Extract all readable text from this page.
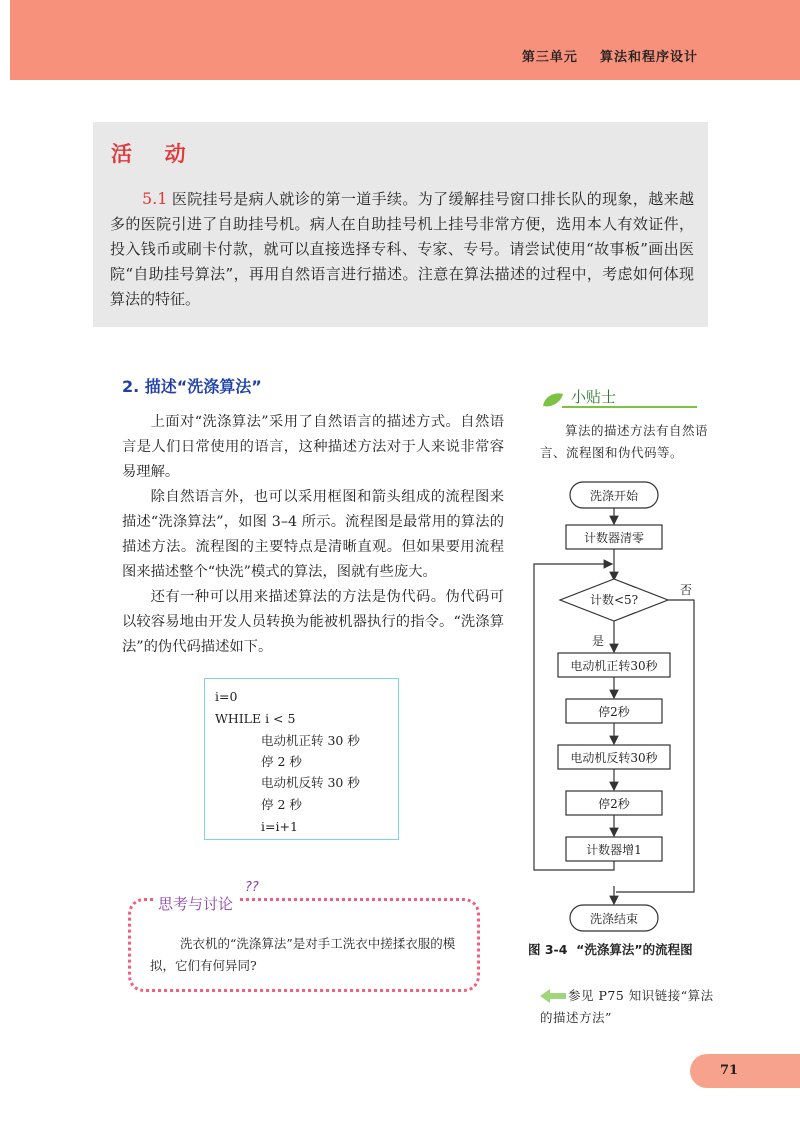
第三单元    算法和程序设计
活  动
5.1 医院挂号是病人就诊的第一道手续。为了缓解挂号窗口排长队的现象，越来越多的医院引进了自助挂号机。病人在自助挂号机上挂号非常方便，选用本人有效证件，投入钱币或刷卡付款，就可以直接选择专科、专家、专号。请尝试使用“故事板”画出医院“自助挂号算法”，再用自然语言进行描述。注意在算法描述的过程中，考虑如何体现算法的特征。
2. 描述“洗涤算法”

上面对“洗涤算法”采用了自然语言的描述方式。自然语言是人们日常使用的语言，这种描述方法对于人来说非常容易理解。

除自然语言外，也可以采用框图和箭头组成的流程图来描述“洗涤算法”，如图 3–4 所示。流程图是最常用的算法的描述方法。流程图的主要特点是清晰直观。但如果要用流程图来描述整个“快洗”模式的算法，图就有些庞大。

还有一种可以用来描述算法的方法是伪代码。伪代码可以较容易地由开发人员转换为能被机器执行的指令。“洗涤算法”的伪代码描述如下。

i=0
WHILE i < 5
电动机正转 30 秒
停 2 秒
电动机反转 30 秒
停 2 秒
i=i+1
小贴士
算法的描述方法有自然语言、流程图和伪代码等。
洗涤开始
计数器清零
计数<5?
否
是
电动机正转30秒
停2秒
电动机反转30秒
停2秒
计数器增1
洗涤结束
图 3-4  “洗涤算法”的流程图

参见 P75 知识链接“算法的描述方法”

思考与讨论
??
洗衣机的“洗涤算法”是对手工洗衣中搓揉衣服的模拟，它们有何异同?
71
